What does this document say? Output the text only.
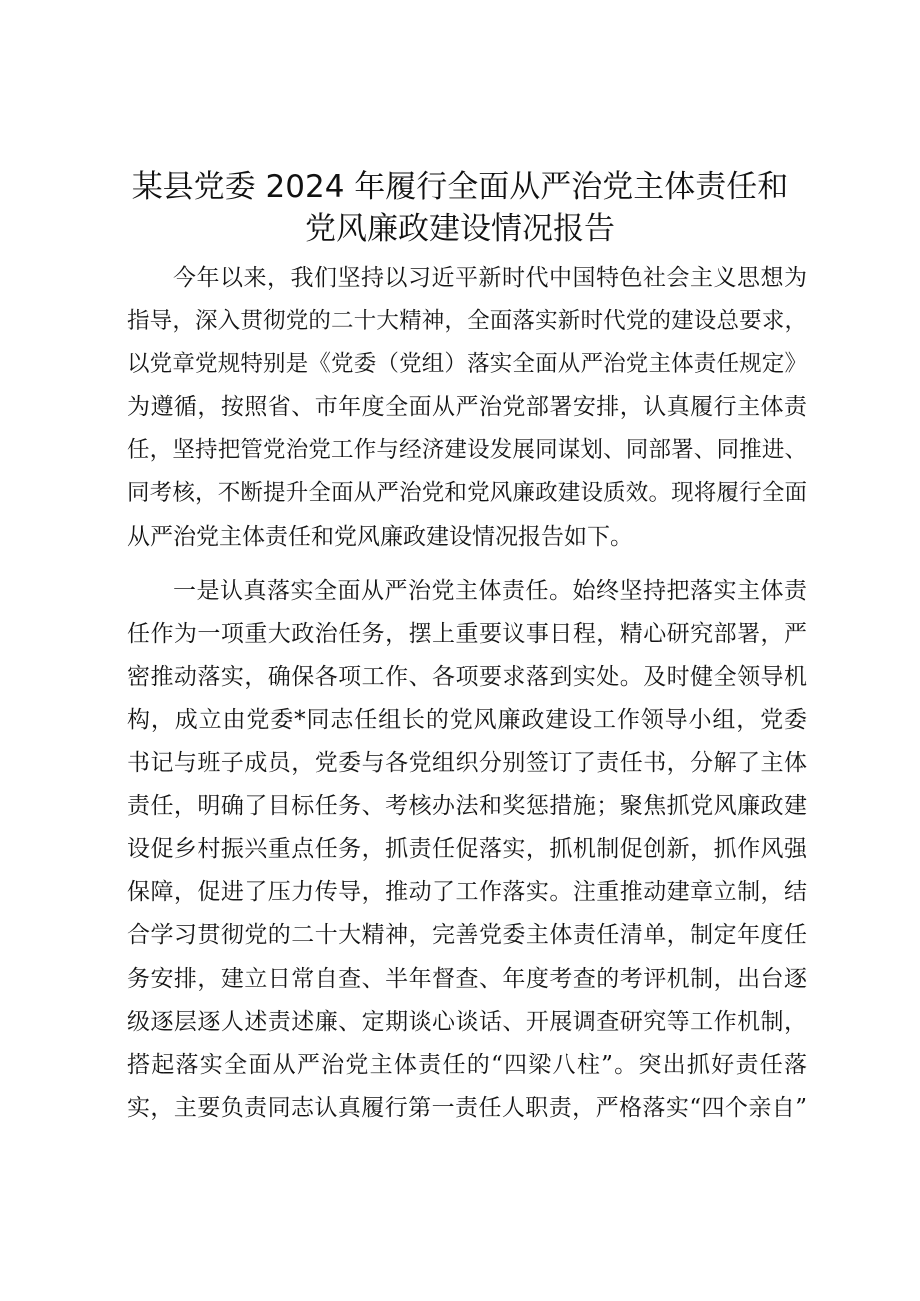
某县党委 2024 年履行全面从严治党主体责任和
党风廉政建设情况报告
今年以来，我们坚持以习近平新时代中国特色社会主义思想为
指导，深入贯彻党的二十大精神，全面落实新时代党的建设总要求，
以党章党规特别是《党委（党组）落实全面从严治党主体责任规定》
为遵循，按照省、市年度全面从严治党部署安排，认真履行主体责
任，坚持把管党治党工作与经济建设发展同谋划、同部署、同推进、
同考核，不断提升全面从严治党和党风廉政建设质效。现将履行全面
从严治党主体责任和党风廉政建设情况报告如下。
一是认真落实全面从严治党主体责任。始终坚持把落实主体责
任作为一项重大政治任务，摆上重要议事日程，精心研究部署，严
密推动落实，确保各项工作、各项要求落到实处。及时健全领导机
构，成立由党委*同志任组长的党风廉政建设工作领导小组，党委
书记与班子成员，党委与各党组织分别签订了责任书，分解了主体
责任，明确了目标任务、考核办法和奖惩措施；聚焦抓党风廉政建
设促乡村振兴重点任务，抓责任促落实，抓机制促创新，抓作风强
保障，促进了压力传导，推动了工作落实。注重推动建章立制，结
合学习贯彻党的二十大精神，完善党委主体责任清单，制定年度任
务安排，建立日常自查、半年督查、年度考查的考评机制，出台逐
级逐层逐人述责述廉、定期谈心谈话、开展调查研究等工作机制，
搭起落实全面从严治党主体责任的“四梁八柱”。突出抓好责任落
实，主要负责同志认真履行第一责任人职责，严格落实“四个亲自”
